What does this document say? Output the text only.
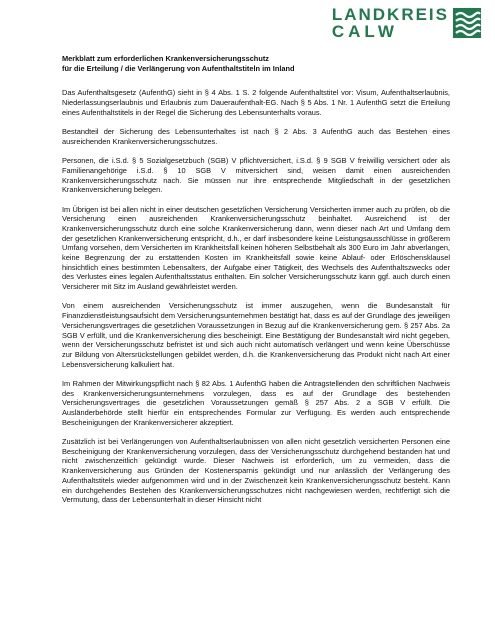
LANDKREIS
CALW
Merkblatt zum erforderlichen Krankenversicherungsschutz
für die Erteilung / die Verlängerung von Aufenthaltstiteln im Inland

Das Aufenthaltsgesetz (AufenthG) sieht in § 4 Abs. 1 S. 2 folgende Aufenthaltstitel vor: Visum, Aufenthaltserlaubnis, Niederlassungserlaubnis und Erlaubnis zum Daueraufenthalt-EG. Nach § 5 Abs. 1 Nr. 1 AufenthG setzt die Erteilung eines Aufenthaltstitels in der Regel die Sicherung des Lebensunterhalts voraus.

Bestandteil der Sicherung des Lebensunterhaltes ist nach § 2 Abs. 3 AufenthG auch das Bestehen eines ausreichenden Krankenversicherungsschutzes.

Personen, die i.S.d. § 5 Sozialgesetzbuch (SGB) V pflichtversichert, i.S.d. § 9 SGB V freiwillig versichert oder als Familienangehörige i.S.d. § 10 SGB V mitversichert sind, weisen damit einen ausreichenden Krankenversicherungsschutz nach. Sie müssen nur ihre entsprechende Mitgliedschaft in der gesetzlichen Krankenversicherung belegen.

Im Übrigen ist bei allen nicht in einer deutschen gesetzlichen Versicherung Versicherten immer auch zu prüfen, ob die Versicherung einen ausreichenden Krankenversicherungsschutz beinhaltet. Ausreichend ist der Krankenversicherungsschutz durch eine solche Krankenversicherung dann, wenn dieser nach Art und Umfang dem der gesetzlichen Krankenversicherung entspricht, d.h., er darf insbesondere keine Leistungsausschlüsse in größerem Umfang vorsehen, dem Versicherten im Krankheitsfall keinen höheren Selbstbehalt als 300 Euro im Jahr abverlangen, keine Begrenzung der zu erstattenden Kosten im Krankheitsfall sowie keine Ablauf- oder Erlöschensklausel hinsichtlich eines bestimmten Lebensalters, der Aufgabe einer Tätigkeit, des Wechsels des Aufenthaltszwecks oder des Verlustes eines legalen Aufenthaltsstatus enthalten. Ein solcher Versicherungsschutz kann ggf. auch durch einen Versicherer mit Sitz im Ausland gewährleistet werden.

Von einem ausreichenden Versicherungsschutz ist immer auszugehen, wenn die Bundesanstalt für Finanzdienstleistungsaufsicht dem Versicherungsunternehmen bestätigt hat, dass es auf der Grundlage des jeweiligen Versicherungsvertrages die gesetzlichen Voraussetzungen in Bezug auf die Krankenversicherung gem. § 257 Abs. 2a SGB V erfüllt, und die Krankenversicherung dies bescheinigt. Eine Bestätigung der Bundesanstalt wird nicht gegeben, wenn der Versicherungsschutz befristet ist und sich auch nicht automatisch verlängert und wenn keine Überschüsse zur Bildung von Altersrückstellungen gebildet werden, d.h. die Krankenversicherung das Produkt nicht nach Art einer Lebensversicherung kalkuliert hat.

Im Rahmen der Mitwirkungspflicht nach § 82 Abs. 1 AufenthG haben die Antragstellenden den schriftlichen Nachweis des Krankenversicherungsunternehmens vorzulegen, dass es auf der Grundlage des bestehenden Versicherungsvertrages die gesetzlichen Voraussetzungen gemäß § 257 Abs. 2 a SGB V erfüllt. Die Ausländerbehörde stellt hierfür ein entsprechendes Formular zur Verfügung. Es werden auch entsprechende Bescheinigungen der Krankenversicherer akzeptiert.

Zusätzlich ist bei Verlängerungen von Aufenthaltserlaubnissen von allen nicht gesetzlich versicherten Personen eine Bescheinigung der Krankenversicherung vorzulegen, dass der Versicherungsschutz durchgehend bestanden hat und nicht zwischenzeitlich gekündigt wurde. Dieser Nachweis ist erforderlich, um zu vermeiden, dass die Krankenversicherung aus Gründen der Kostenersparnis gekündigt und nur anlässlich der Verlängerung des Aufenthaltstitels wieder aufgenommen wird und in der Zwischenzeit kein Krankenversicherungsschutz besteht. Kann ein durchgehendes Bestehen des Krankenversicherungsschutzes nicht nachgewiesen werden, rechtfertigt sich die Vermutung, dass der Lebensunterhalt in dieser Hinsicht nicht
